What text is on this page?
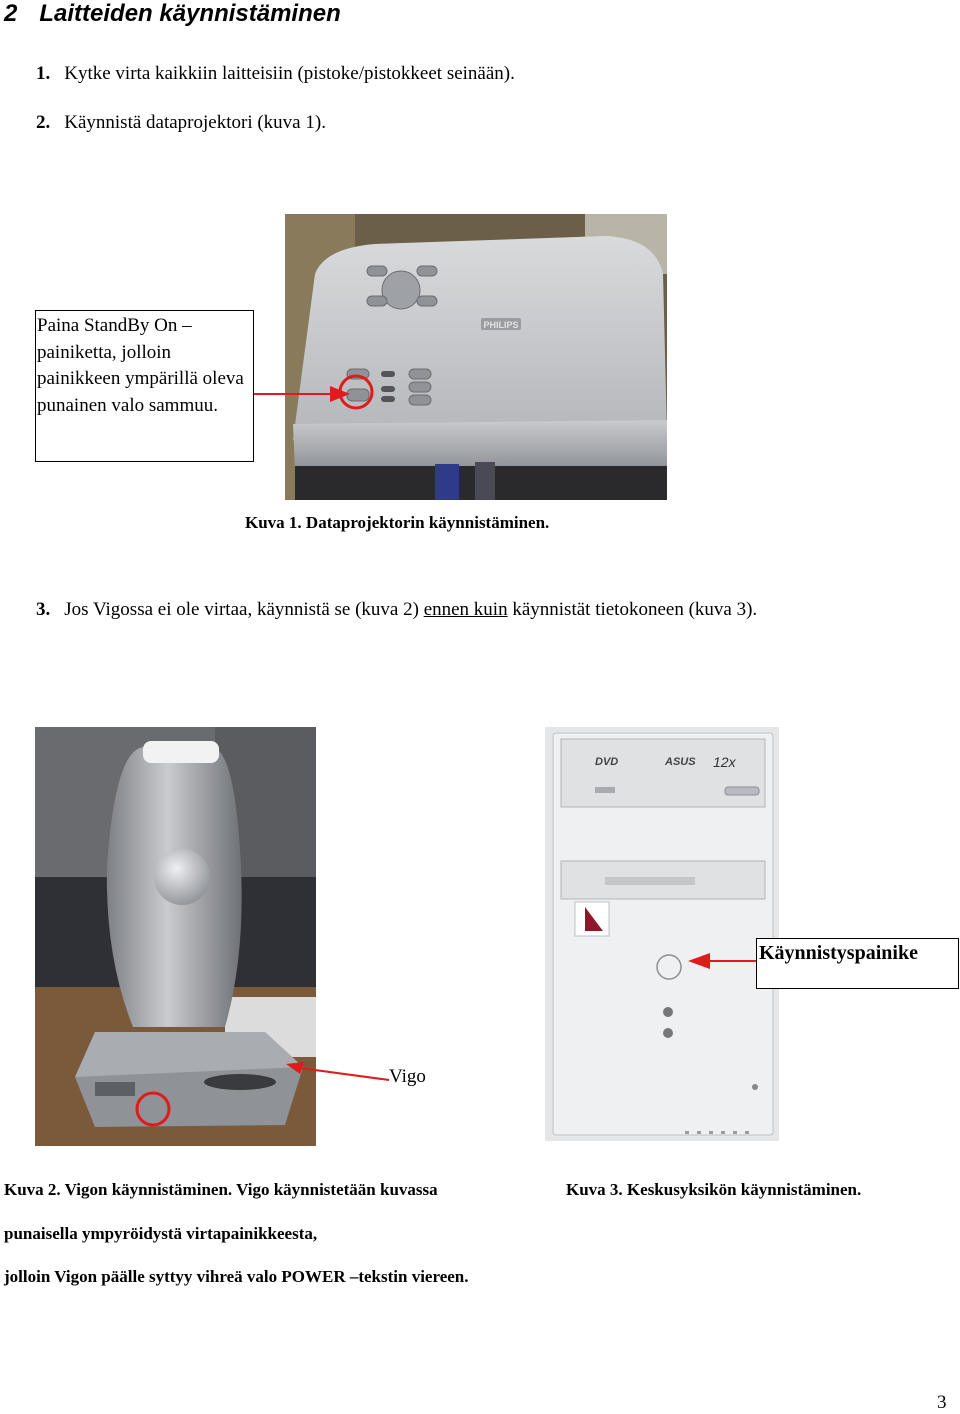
2 Laitteiden käynnistäminen
1. Kytke virta kaikkiin laitteisiin (pistoke/pistokkeet seinään).
2. Käynnistä dataprojektori (kuva 1).
PHILIPS
Paina StandBy On – painiketta, jolloin painikkeen ympärillä oleva punainen valo sammuu.
Kuva 1. Dataprojektorin käynnistäminen.
3. Jos Vigossa ei ole virtaa, käynnistä se (kuva 2) ennen kuin käynnistät tietokoneen (kuva 3).
Vigo
DVD	ASUS 12x
Käynnistyspainike
Kuva 2. Vigon käynnistäminen. Vigo käynnistetään kuvassa
punaisella ympyröidystä virtapainikkeesta,
jolloin Vigon päälle syttyy vihreä valo POWER –tekstin viereen.
Kuva 3. Keskusyksikön käynnistäminen.
3
